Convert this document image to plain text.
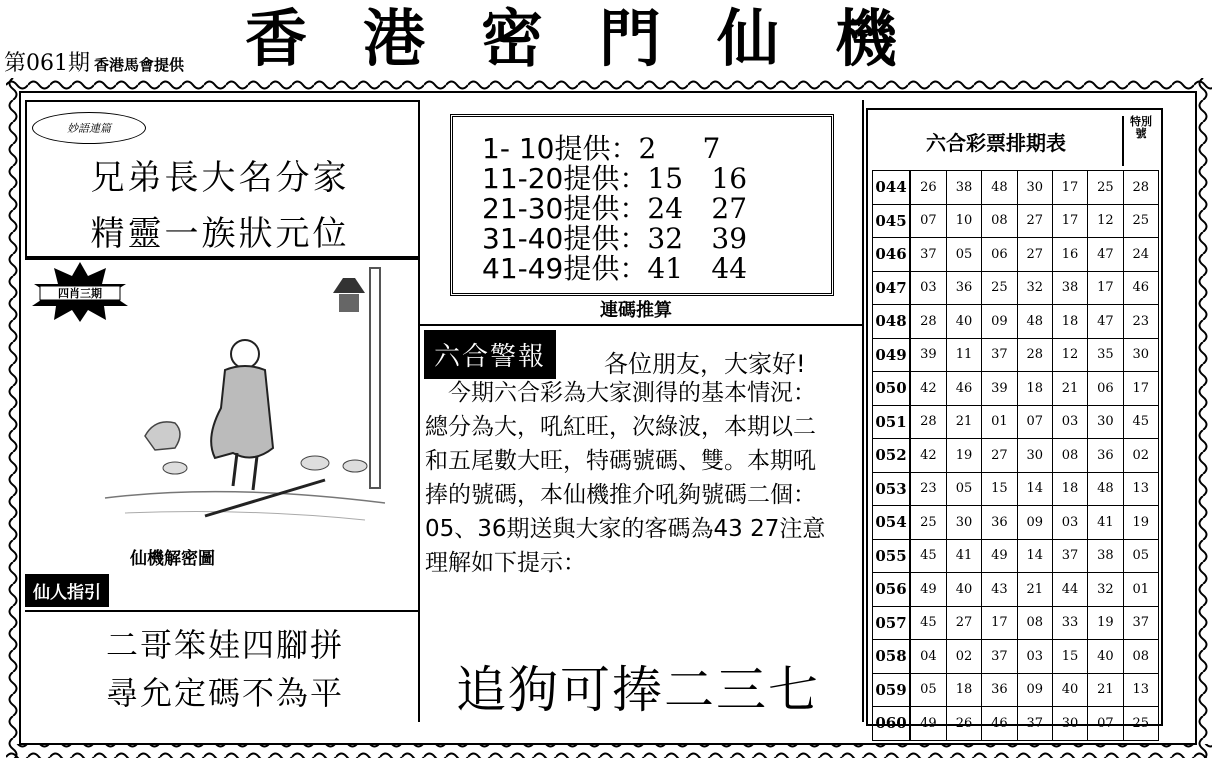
第061期 香港馬會提供 香港密門仙機
妙語連篇
兄弟長大名分家
精靈一族狀元位
四肖三期
仙機解密圖
仙人指引
二哥笨娃四腳拼
尋允定碼不為平
1- 10提供：2 7
11-20提供：15 16
21-30提供：24 27
31-40提供：32 39
41-49提供：41 44
連碼推算
六合警報	各位朋友，大家好!
　今期六合彩為大家測得的基本情況：總分為大，吼紅旺，次綠波，本期以二和五尾數大旺，特碼號碼、雙。本期吼捧的號碼，本仙機推介吼夠號碼二個：05、36期送與大家的客碼為43 27注意理解如下提示：
追狗可捧二三七
六合彩票排期表
特別號
044	26	38	48	30	17	25	28
045	07	10	08	27	17	12	25
046	37	05	06	27	16	47	24
047	03	36	25	32	38	17	46
048	28	40	09	48	18	47	23
049	39	11	37	28	12	35	30
050	42	46	39	18	21	06	17
051	28	21	01	07	03	30	45
052	42	19	27	30	08	36	02
053	23	05	15	14	18	48	13
054	25	30	36	09	03	41	19
055	45	41	49	14	37	38	05
056	49	40	43	21	44	32	01
057	45	27	17	08	33	19	37
058	04	02	37	03	15	40	08
059	05	18	36	09	40	21	13
060	49	26	46	37	30	07	25
